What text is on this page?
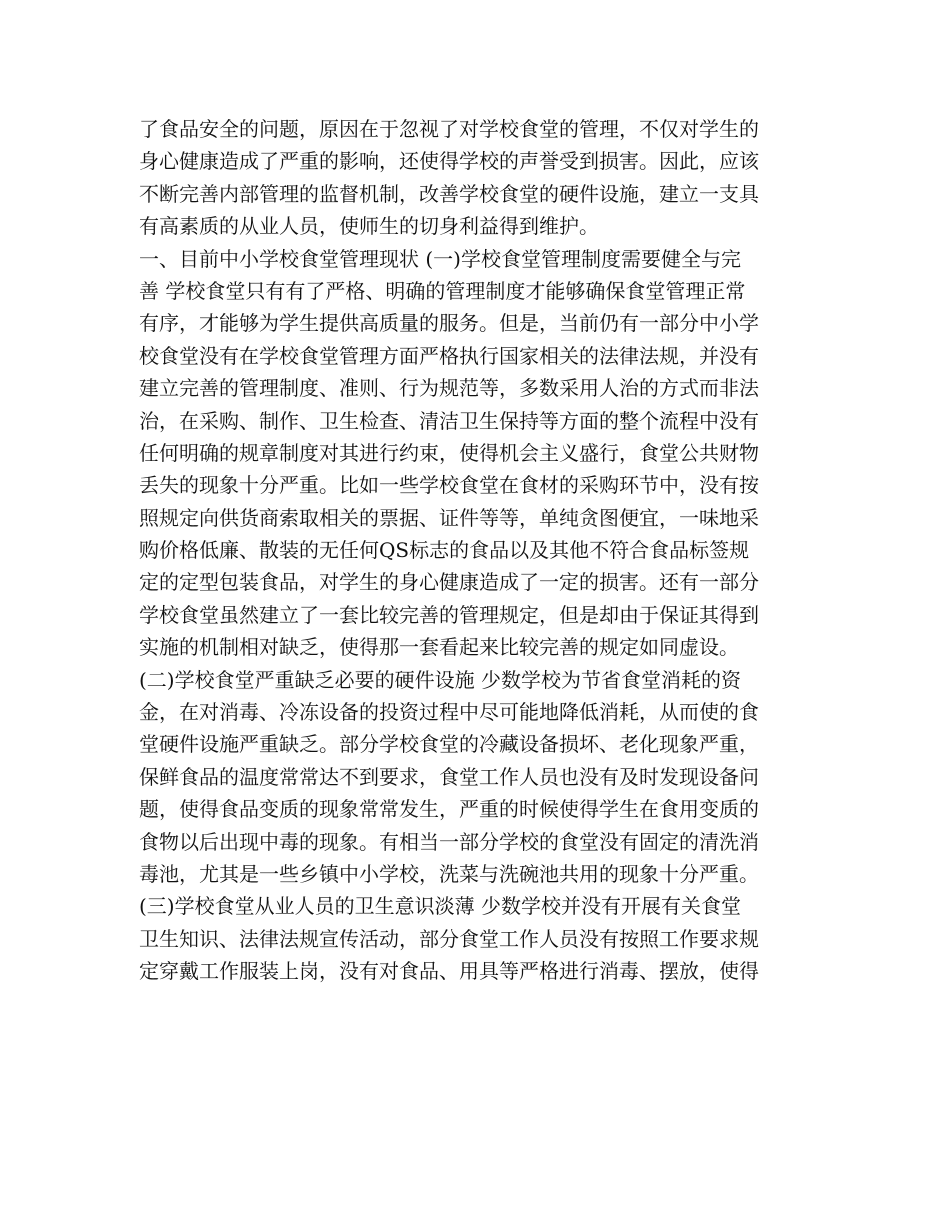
了食品安全的问题，原因在于忽视了对学校食堂的管理，不仅对学生的
身心健康造成了严重的影响，还使得学校的声誉受到损害。因此，应该
不断完善内部管理的监督机制，改善学校食堂的硬件设施，建立一支具
有高素质的从业人员，使师生的切身利益得到维护。
一、目前中小学校食堂管理现状 (一)学校食堂管理制度需要健全与完
善 学校食堂只有有了严格、明确的管理制度才能够确保食堂管理正常
有序，才能够为学生提供高质量的服务。但是，当前仍有一部分中小学
校食堂没有在学校食堂管理方面严格执行国家相关的法律法规，并没有
建立完善的管理制度、准则、行为规范等，多数采用人治的方式而非法
治，在采购、制作、卫生检查、清洁卫生保持等方面的整个流程中没有
任何明确的规章制度对其进行约束，使得机会主义盛行，食堂公共财物
丢失的现象十分严重。比如一些学校食堂在食材的采购环节中，没有按
照规定向供货商索取相关的票据、证件等等，单纯贪图便宜，一味地采
购价格低廉、散装的无任何QS标志的食品以及其他不符合食品标签规
定的定型包装食品，对学生的身心健康造成了一定的损害。还有一部分
学校食堂虽然建立了一套比较完善的管理规定，但是却由于保证其得到
实施的机制相对缺乏，使得那一套看起来比较完善的规定如同虚设。
(二)学校食堂严重缺乏必要的硬件设施 少数学校为节省食堂消耗的资
金，在对消毒、冷冻设备的投资过程中尽可能地降低消耗，从而使的食
堂硬件设施严重缺乏。部分学校食堂的冷藏设备损坏、老化现象严重，
保鲜食品的温度常常达不到要求，食堂工作人员也没有及时发现设备问
题，使得食品变质的现象常常发生，严重的时候使得学生在食用变质的
食物以后出现中毒的现象。有相当一部分学校的食堂没有固定的清洗消
毒池，尤其是一些乡镇中小学校，洗菜与洗碗池共用的现象十分严重。
(三)学校食堂从业人员的卫生意识淡薄 少数学校并没有开展有关食堂
卫生知识、法律法规宣传活动，部分食堂工作人员没有按照工作要求规
定穿戴工作服装上岗，没有对食品、用具等严格进行消毒、摆放，使得
